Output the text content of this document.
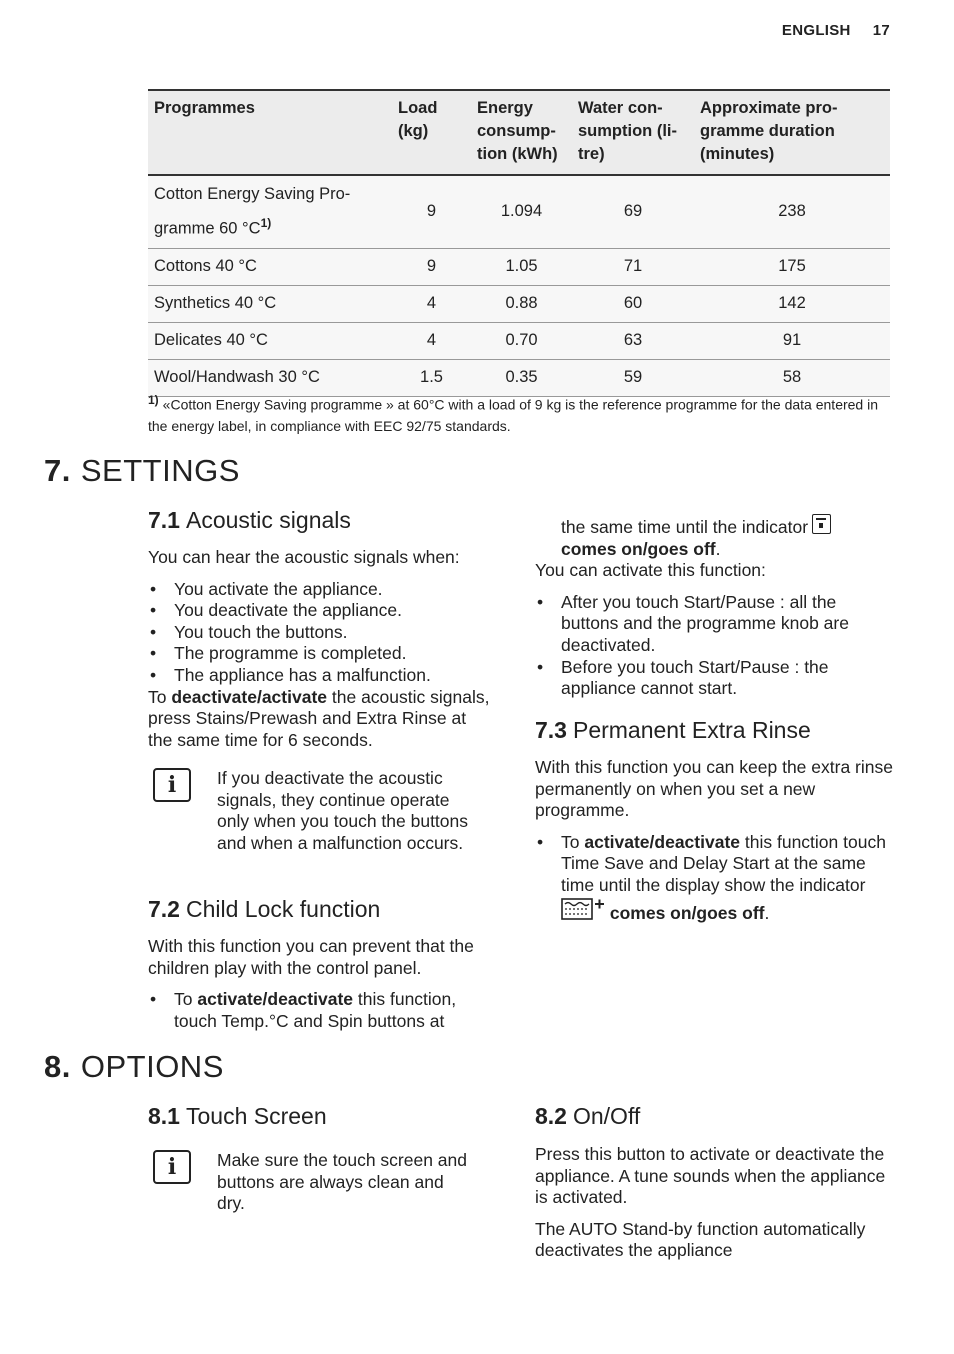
ENGLISH 17
Programmes	Load (kg)	Energy consump-tion (kWh)	Water con-sumption (li-tre)	Approximate pro-gramme duration (minutes)
Cotton Energy Saving Pro-gramme 60 $^\circ C^{1)}$	9	1.094	69	238
Cottons 40 °C	9	1.05	71	175
Synthetics 40 °C	4	0.88	60	142
Delicates 40 °C	4	0.70	63	91
Wool/Handwash 30 °C	1.5	0.35	59	58
1) «Cotton Energy Saving programme » at 60°C with a load of 9 kg is the reference programme for the data entered in the energy label, in compliance with EEC 92/75 standards.
7. SETTINGS
7.1 Acoustic signals

You can hear the acoustic signals when:

• You activate the appliance.
• You deactivate the appliance.
• You touch the buttons.
• The programme is completed.
• The appliance has a malfunction.

To deactivate/activate the acoustic signals, press Stains/Prewash and Extra Rinse at the same time for 6 seconds.

i	If you deactivate the acoustic signals, they continue operate only when you touch the buttons and when a malfunction occurs.
7.2 Child Lock function

With this function you can prevent that the children play with the control panel.

• To activate/deactivate this function, touch Temp.°C and Spin buttons at
the same time until the indicator
comes on/goes off.

You can activate this function:

• After you touch Start/Pause : all the buttons and the programme knob are deactivated.
• Before you touch Start/Pause : the appliance cannot start.
7.3 Permanent Extra Rinse

With this function you can keep the extra rinse permanently on when you set a new programme.

• To activate/deactivate this function touch Time Save and Delay Start at the same time until the display show the indicator  comes on/goes off.
8. OPTIONS
8.1 Touch Screen
i	Make sure the touch screen and buttons are always clean and dry.
8.2 On/Off

Press this button to activate or deactivate the appliance. A tune sounds when the appliance is activated.

The AUTO Stand-by function automatically deactivates the appliance
